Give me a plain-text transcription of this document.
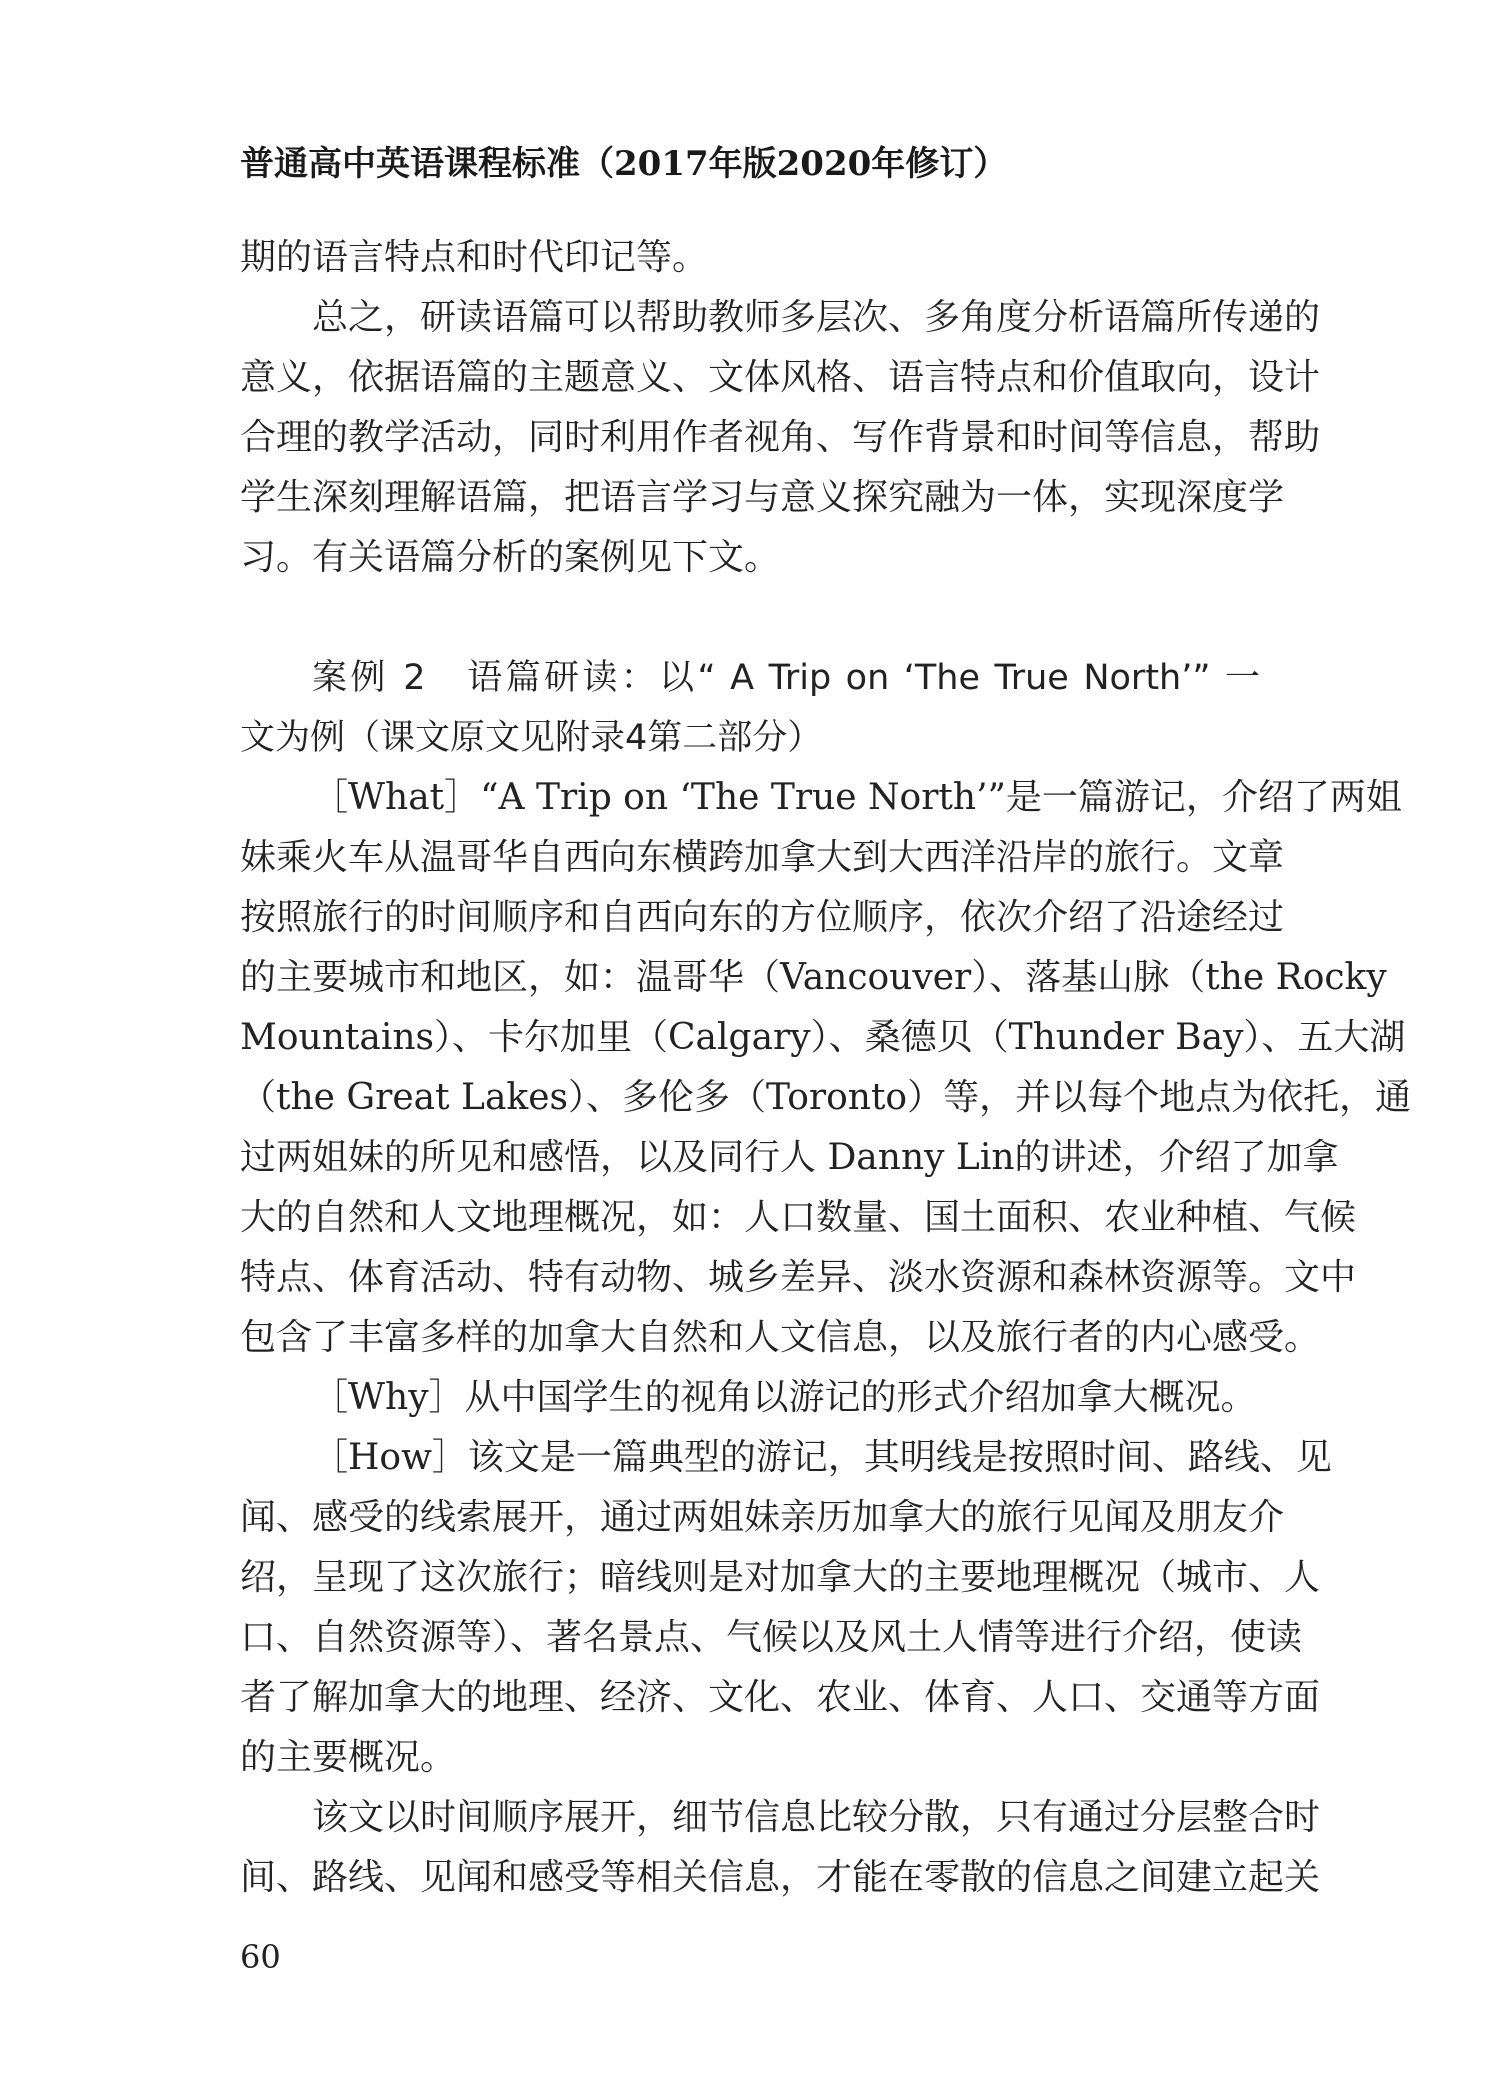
普通高中英语课程标准（2017年版2020年修订）
期的语言特点和时代印记等。
总之，研读语篇可以帮助教师多层次、多角度分析语篇所传递的
意义，依据语篇的主题意义、文体风格、语言特点和价值取向，设计
合理的教学活动，同时利用作者视角、写作背景和时间等信息，帮助
学生深刻理解语篇，把语言学习与意义探究融为一体，实现深度学
习。有关语篇分析的案例见下文。
案例 2　语篇研读：以“ A Trip on ‘The True North’” 一
文为例（课文原文见附录4第二部分）
［What］“A Trip on ‘The True North’”是一篇游记，介绍了两姐
妹乘火车从温哥华自西向东横跨加拿大到大西洋沿岸的旅行。文章
按照旅行的时间顺序和自西向东的方位顺序，依次介绍了沿途经过
的主要城市和地区，如：温哥华（Vancouver）、落基山脉（the Rocky
Mountains）、卡尔加里（Calgary）、桑德贝（Thunder Bay）、五大湖
（the Great Lakes）、多伦多（Toronto）等，并以每个地点为依托，通
过两姐妹的所见和感悟，以及同行人 Danny Lin的讲述，介绍了加拿
大的自然和人文地理概况，如：人口数量、国土面积、农业种植、气候
特点、体育活动、特有动物、城乡差异、淡水资源和森林资源等。文中
包含了丰富多样的加拿大自然和人文信息，以及旅行者的内心感受。
［Why］从中国学生的视角以游记的形式介绍加拿大概况。
［How］该文是一篇典型的游记，其明线是按照时间、路线、见
闻、感受的线索展开，通过两姐妹亲历加拿大的旅行见闻及朋友介
绍，呈现了这次旅行；暗线则是对加拿大的主要地理概况（城市、人
口、自然资源等）、著名景点、气候以及风土人情等进行介绍，使读
者了解加拿大的地理、经济、文化、农业、体育、人口、交通等方面
的主要概况。
该文以时间顺序展开，细节信息比较分散，只有通过分层整合时
间、路线、见闻和感受等相关信息，才能在零散的信息之间建立起关
60
